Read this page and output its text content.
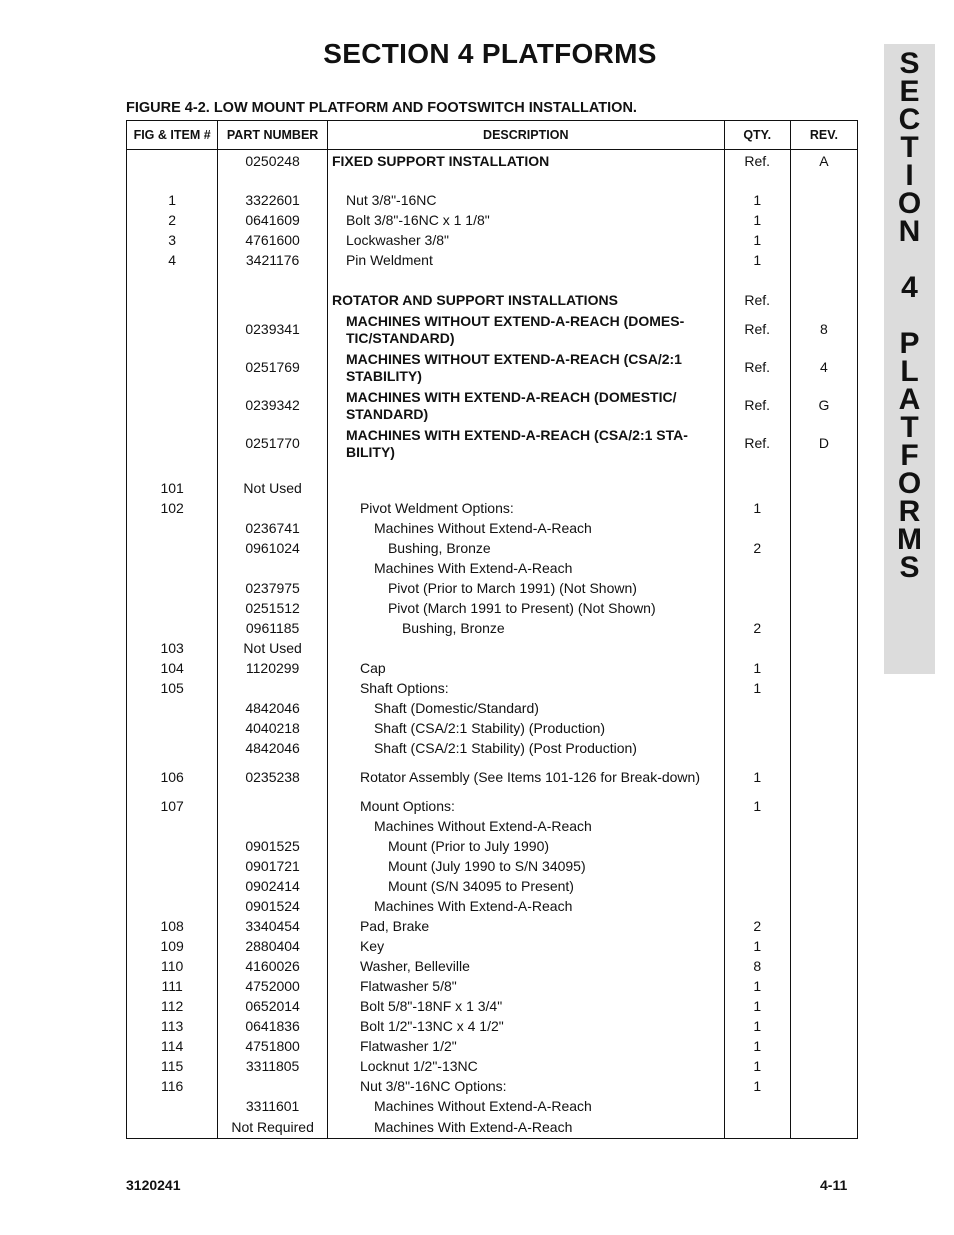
SECTION 4 PLATFORMS	S
E
C
T
I
O
N
4
P
L
A
T
F
O
R
M
S
FIGURE 4-2. LOW MOUNT PLATFORM AND FOOTSWITCH INSTALLATION.
FIG & ITEM #	PART NUMBER	DESCRIPTION	QTY.	REV.
	0250248	FIXED SUPPORT INSTALLATION	Ref.	A

1	3322601	Nut 3/8"-16NC	1	
2	0641609	Bolt 3/8"-16NC x 1 1/8"	1	
3	4761600	Lockwasher 3/8"	1	
4	3421176	Pin Weldment	1	

		ROTATOR AND SUPPORT INSTALLATIONS	Ref.	
	0239341	MACHINES WITHOUT EXTEND-A-REACH (DOMES-TIC/STANDARD)	Ref.	8
	0251769	MACHINES WITHOUT EXTEND-A-REACH (CSA/2:1 STABILITY)	Ref.	4
	0239342	MACHINES WITH EXTEND-A-REACH (DOMESTIC/ STANDARD)	Ref.	G
	0251770	MACHINES WITH EXTEND-A-REACH (CSA/2:1 STA-BILITY)	Ref.	D

101	Not Used			
102		Pivot Weldment Options:	1	
	0236741	Machines Without Extend-A-Reach		
	0961024	Bushing, Bronze	2	
		Machines With Extend-A-Reach		
	0237975	Pivot (Prior to March 1991) (Not Shown)		
	0251512	Pivot (March 1991 to Present) (Not Shown)		
	0961185	Bushing, Bronze	2	
103	Not Used			
104	1120299	Cap	1	
105		Shaft Options:	1	
	4842046	Shaft (Domestic/Standard)		
	4040218	Shaft (CSA/2:1 Stability) (Production)		
	4842046	Shaft (CSA/2:1 Stability) (Post Production)		
106	0235238	Rotator Assembly (See Items 101-126 for Break-down)	1	
107		Mount Options:	1	
		Machines Without Extend-A-Reach		
	0901525	Mount (Prior to July 1990)		
	0901721	Mount (July 1990 to S/N 34095)		
	0902414	Mount (S/N 34095 to Present)		
	0901524	Machines With Extend-A-Reach		
108	3340454	Pad, Brake	2	
109	2880404	Key	1	
110	4160026	Washer, Belleville	8	
111	4752000	Flatwasher 5/8"	1	
112	0652014	Bolt 5/8"-18NF x 1 3/4"	1	
113	0641836	Bolt 1/2"-13NC x 4 1/2"	1	
114	4751800	Flatwasher 1/2"	1	
115	3311805	Locknut 1/2"-13NC	1	
116		Nut 3/8"-16NC Options:	1	
	3311601	Machines Without Extend-A-Reach		
	Not Required	Machines With Extend-A-Reach		
3120241	4-11
